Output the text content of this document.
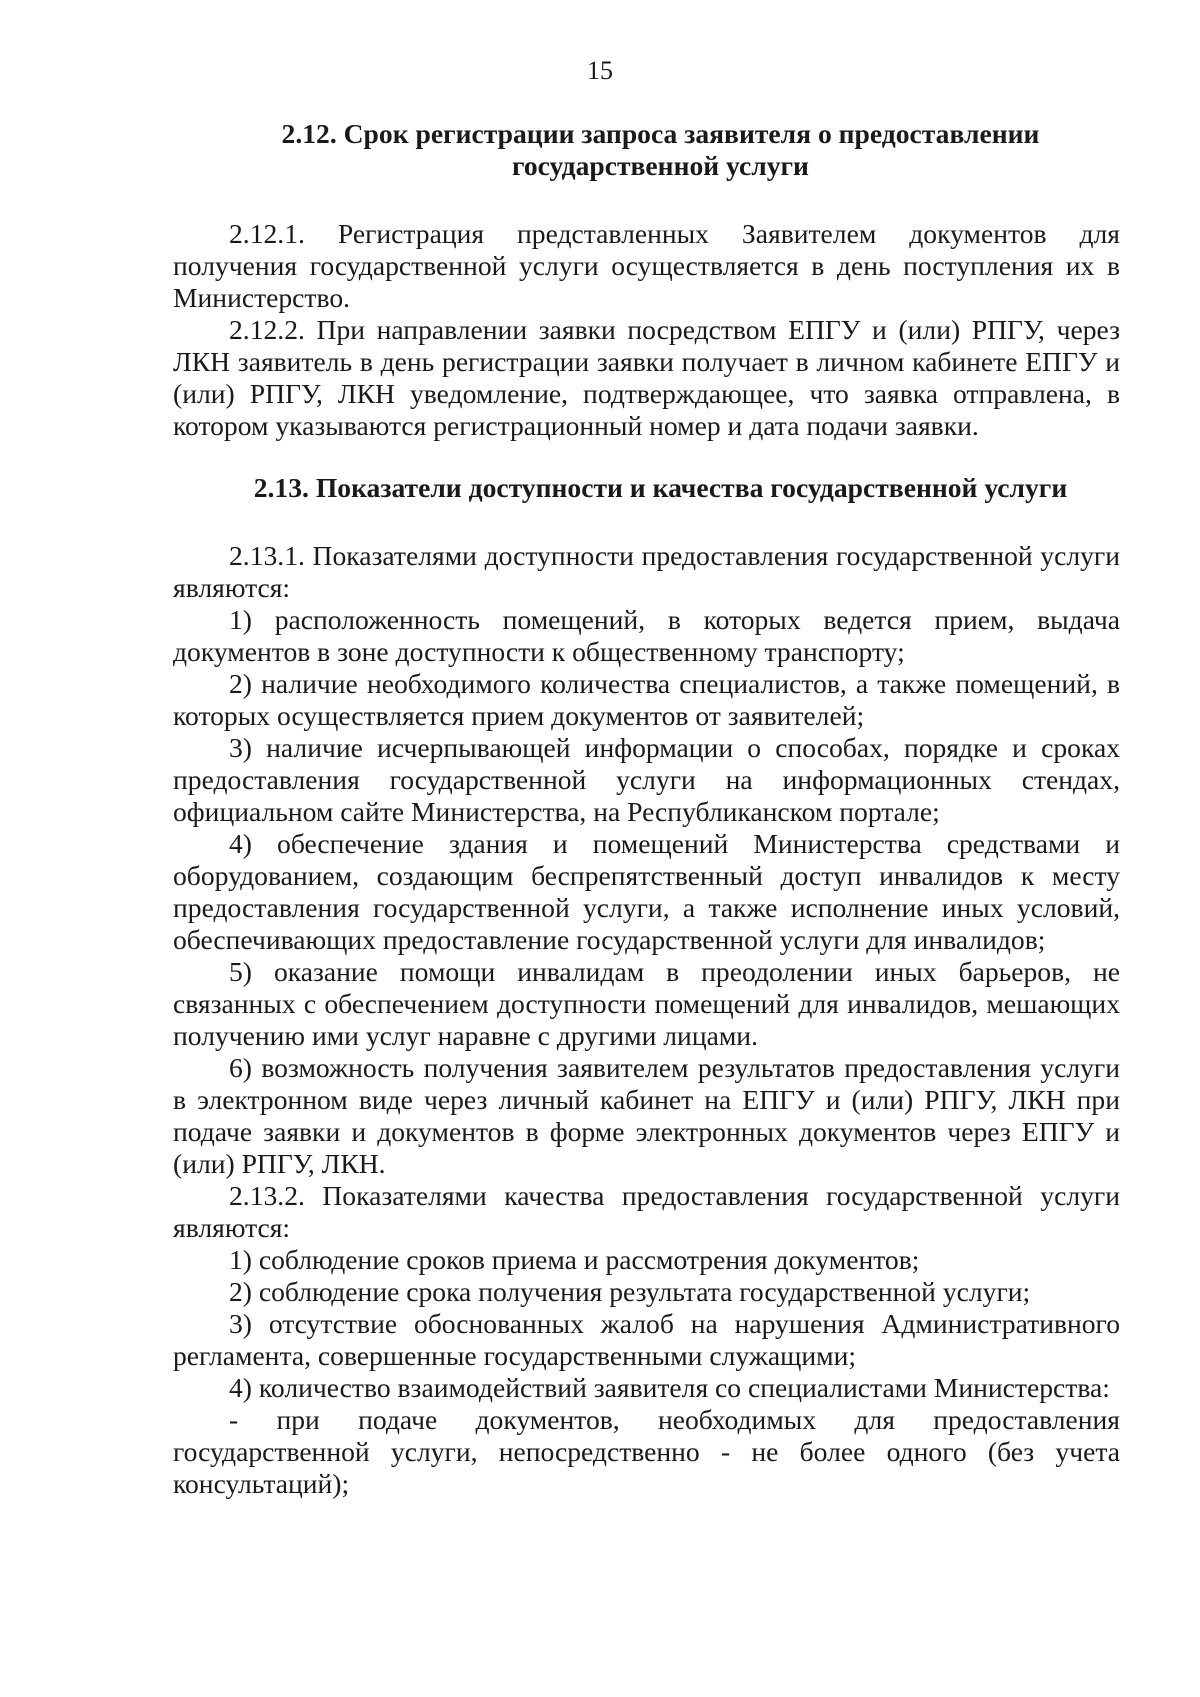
15
2.12. Срок регистрации запроса заявителя о предоставлении государственной услуги

2.12.1. Регистрация представленных Заявителем документов для получения государственной услуги осуществляется в день поступления их в Министерство.

2.12.2. При направлении заявки посредством ЕПГУ и (или) РПГУ, через ЛКН заявитель в день регистрации заявки получает в личном кабинете ЕПГУ и (или) РПГУ, ЛКН уведомление, подтверждающее, что заявка отправлена, в котором указываются регистрационный номер и дата подачи заявки.

2.13. Показатели доступности и качества государственной услуги

2.13.1. Показателями доступности предоставления государственной услуги являются:

1) расположенность помещений, в которых ведется прием, выдача документов в зоне доступности к общественному транспорту;

2) наличие необходимого количества специалистов, а также помещений, в которых осуществляется прием документов от заявителей;

3) наличие исчерпывающей информации о способах, порядке и сроках предоставления государственной услуги на информационных стендах, официальном сайте Министерства, на Республиканском портале;

4) обеспечение здания и помещений Министерства средствами и оборудованием, создающим беспрепятственный доступ инвалидов к месту предоставления государственной услуги, а также исполнение иных условий, обеспечивающих предоставление государственной услуги для инвалидов;

5) оказание помощи инвалидам в преодолении иных барьеров, не связанных с обеспечением доступности помещений для инвалидов, мешающих получению ими услуг наравне с другими лицами.

6) возможность получения заявителем результатов предоставления услуги в электронном виде через личный кабинет на ЕПГУ и (или) РПГУ, ЛКН при подаче заявки и документов в форме электронных документов через ЕПГУ и (или) РПГУ, ЛКН.

2.13.2. Показателями качества предоставления государственной услуги являются:

1) соблюдение сроков приема и рассмотрения документов;

2) соблюдение срока получения результата государственной услуги;

3) отсутствие обоснованных жалоб на нарушения Административного регламента, совершенные государственными служащими;

4) количество взаимодействий заявителя со специалистами Министерства:

- при подаче документов, необходимых для предоставления государственной услуги, непосредственно - не более одного (без учета консультаций);
